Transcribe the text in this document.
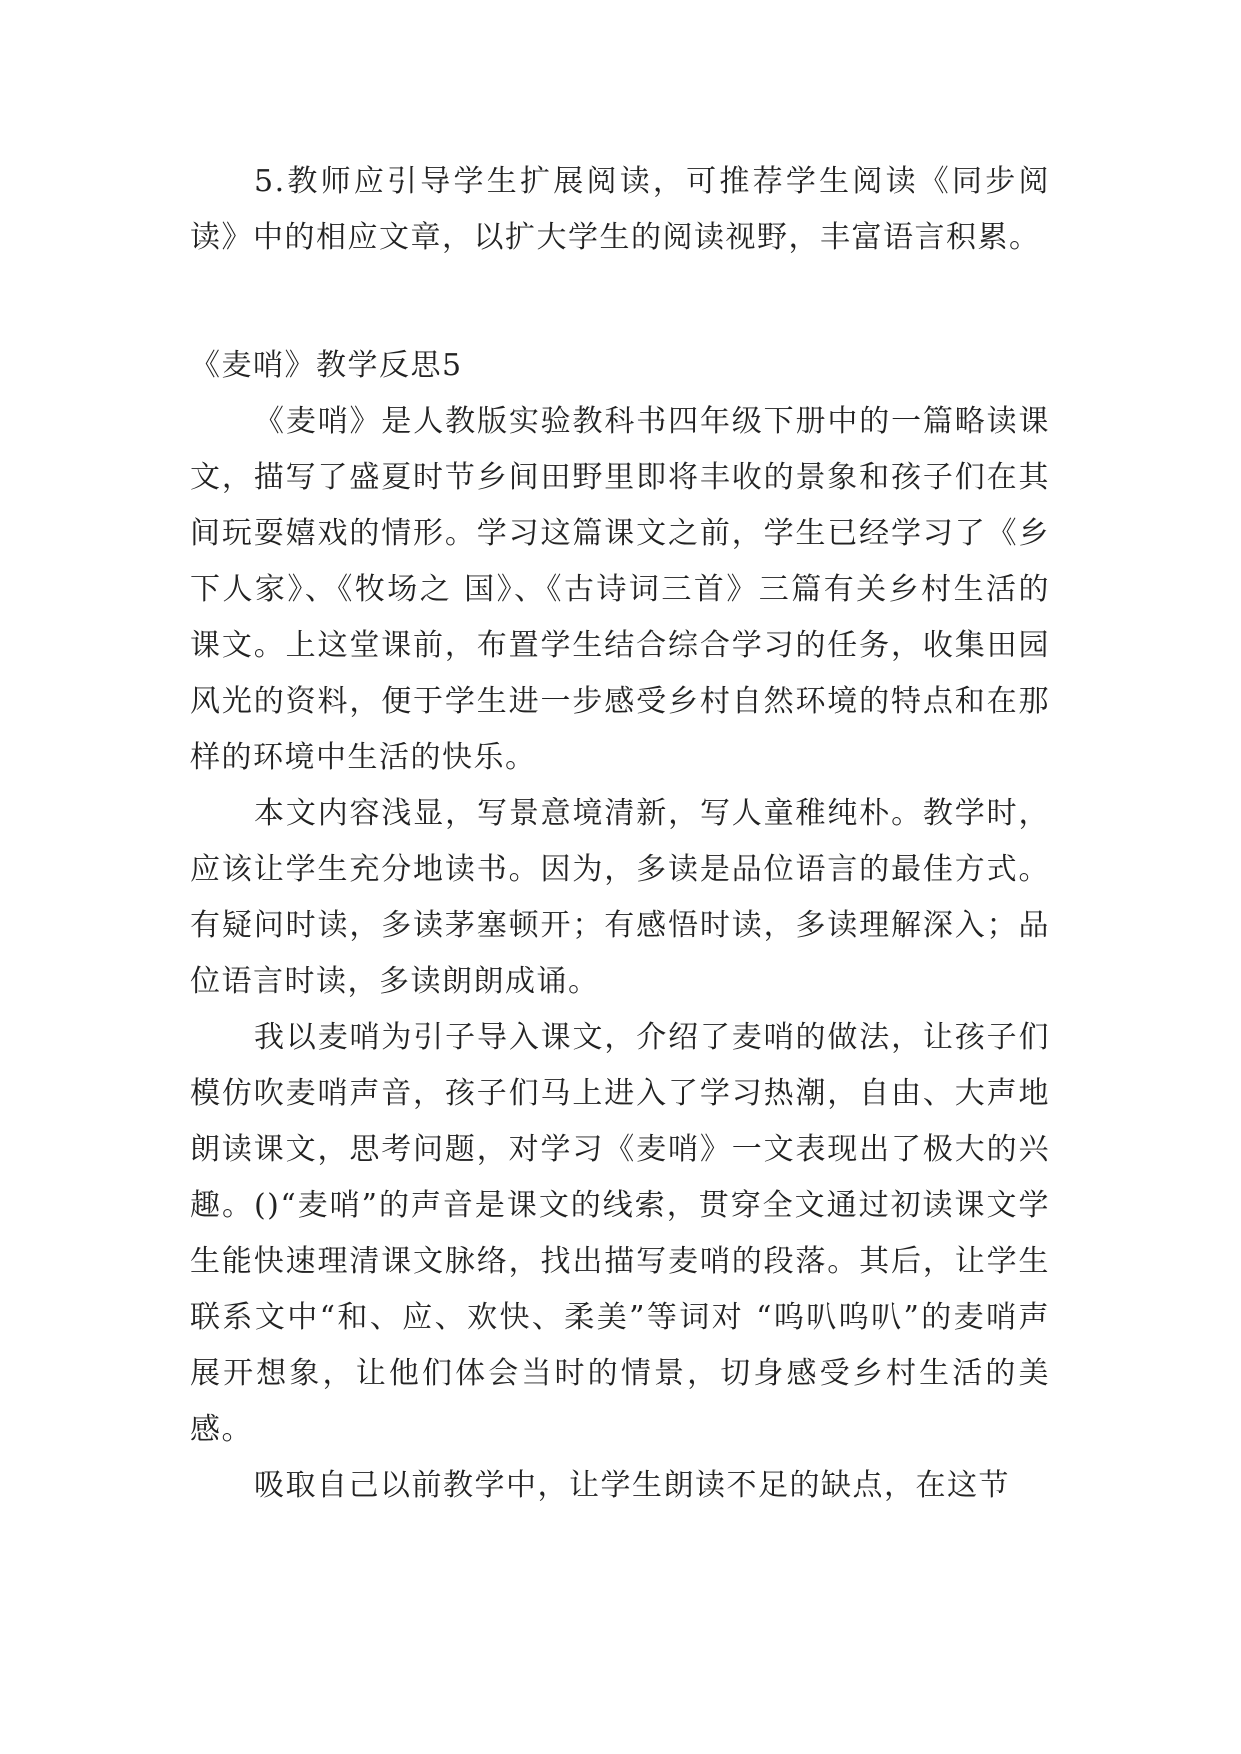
5.教师应引导学生扩展阅读，可推荐学生阅读《同步阅读》中的相应文章，以扩大学生的阅读视野，丰富语言积累。

《麦哨》教学反思5

《麦哨》是人教版实验教科书四年级下册中的一篇略读课文，描写了盛夏时节乡间田野里即将丰收的景象和孩子们在其间玩耍嬉戏的情形。学习这篇课文之前，学生已经学习了《乡下人家》、《牧场之 国》、《古诗词三首》三篇有关乡村生活的课文。上这堂课前，布置学生结合综合学习的任务，收集田园风光的资料，便于学生进一步感受乡村自然环境的特点和在那样的环境中生活的快乐。

本文内容浅显，写景意境清新，写人童稚纯朴。教学时，应该让学生充分地读书。因为，多读是品位语言的最佳方式。有疑问时读，多读茅塞顿开；有感悟时读，多读理解深入；品位语言时读，多读朗朗成诵。

我以麦哨为引子导入课文，介绍了麦哨的做法，让孩子们模仿吹麦哨声音，孩子们马上进入了学习热潮，自由、大声地朗读课文，思考问题，对学习《麦哨》一文表现出了极大的兴趣。()“麦哨”的声音是课文的线索，贯穿全文通过初读课文学生能快速理清课文脉络，找出描写麦哨的段落。其后，让学生联系文中“和、应、欢快、柔美”等词对 “呜叭呜叭”的麦哨声展开想象，让他们体会当时的情景，切身感受乡村生活的美感。

吸取自己以前教学中，让学生朗读不足的缺点，在这节
